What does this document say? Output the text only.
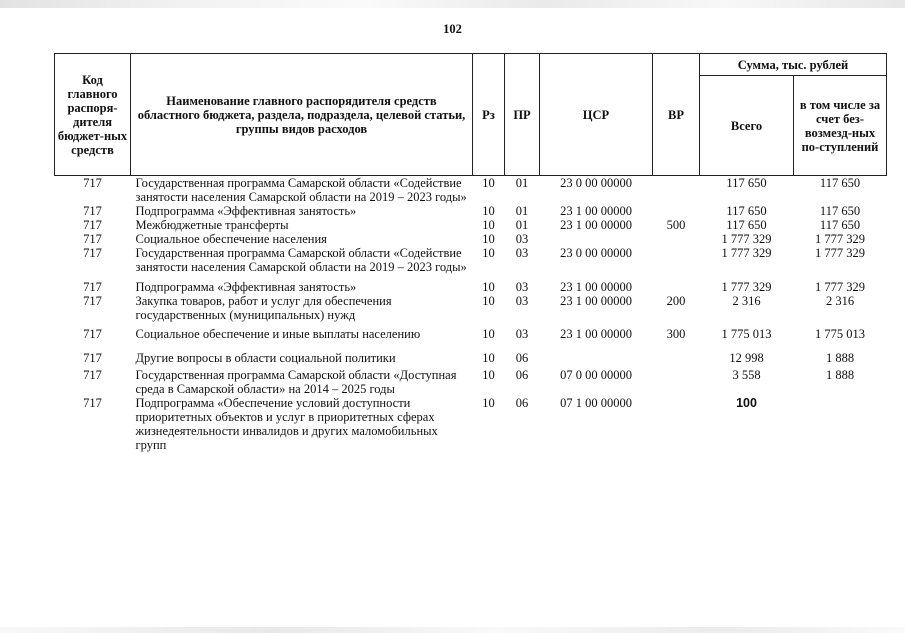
102
Код главного распоря-дителя бюджет-ных средств	Наименование главного распорядителя средств областного бюджета, раздела, подраздела, целевой статьи, группы видов расходов	Рз	ПР	ЦСР	ВР	Сумма, тыс. рублей	
						Всего	в том числе за счет без-возмезд-ных по-ступлений
717	Государственная программа Самарской области «Содействие занятости населения Самарской области на 2019 – 2023 годы»	10	01	23 0 00 00000		117 650	117 650
717	Подпрограмма «Эффективная занятость»	10	01	23 1 00 00000		117 650	117 650
717	Межбюджетные трансферты	10	01	23 1 00 00000	500	117 650	117 650
717	Социальное обеспечение населения	10	03			1 777 329	1 777 329
717	Государственная программа Самарской области «Содействие занятости населения Самарской области на 2019 – 2023 годы»	10	03	23 0 00 00000		1 777 329	1 777 329
717	Подпрограмма «Эффективная занятость»	10	03	23 1 00 00000		1 777 329	1 777 329
717	Закупка товаров, работ и услуг для обеспечения государственных (муниципальных) нужд	10	03	23 1 00 00000	200	2 316	2 316
717	Социальное обеспечение и иные выплаты населению	10	03	23 1 00 00000	300	1 775 013	1 775 013
717	Другие вопросы в области социальной политики	10	06			12 998	1 888
717	Государственная программа Самарской области «Доступная среда в Самарской области» на 2014 – 2025 годы	10	06	07 0 00 00000		3 558	1 888
717	Подпрограмма «Обеспечение условий доступности приоритетных объектов и услуг в приоритетных сферах жизнедеятельности инвалидов и других маломобильных групп	10	06	07 1 00 00000		100	
